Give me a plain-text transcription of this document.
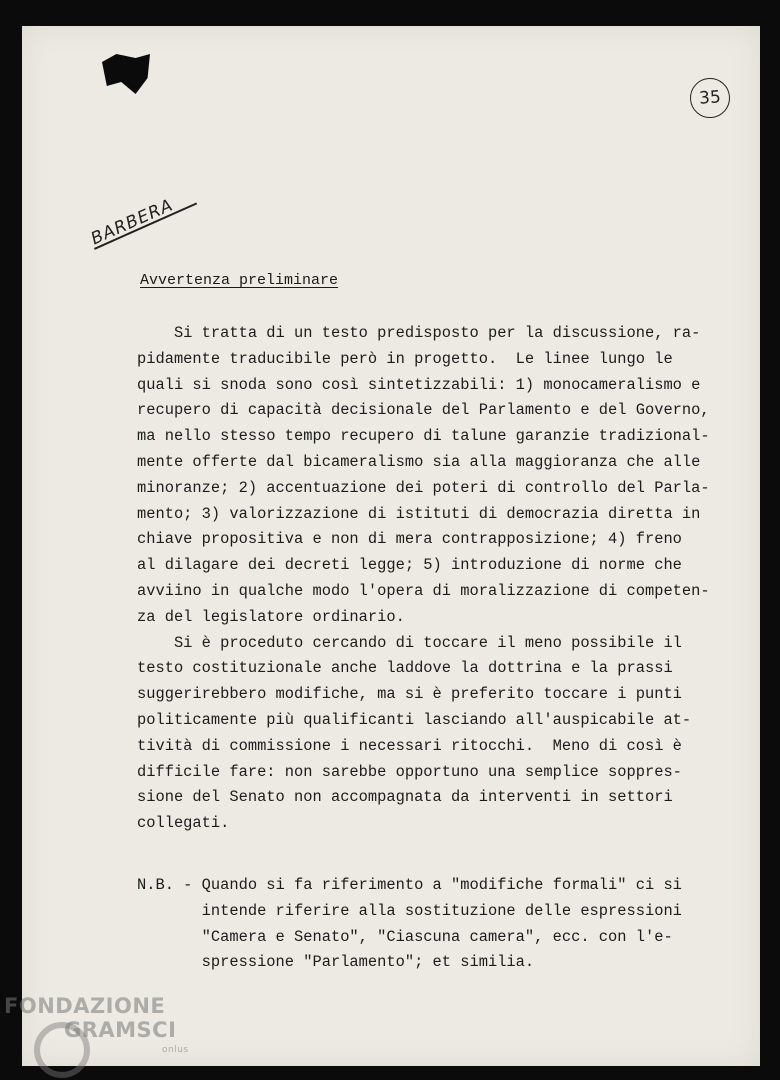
35
BARBERA
Avvertenza preliminare
Si tratta di un testo predisposto per la discussione, ra-
pidamente traducibile però in progetto.  Le linee lungo le
quali si snoda sono così sintetizzabili: 1) monocameralismo e
recupero di capacità decisionale del Parlamento e del Governo,
ma nello stesso tempo recupero di talune garanzie tradizional-
mente offerte dal bicameralismo sia alla maggioranza che alle
minoranze; 2) accentuazione dei poteri di controllo del Parla-
mento; 3) valorizzazione di istituti di democrazia diretta in
chiave propositiva e non di mera contrapposizione; 4) freno
al dilagare dei decreti legge; 5) introduzione di norme che
avviino in qualche modo l'opera di moralizzazione di competen-
za del legislatore ordinario.
Si è proceduto cercando di toccare il meno possibile il
testo costituzionale anche laddove la dottrina e la prassi
suggerirebbero modifiche, ma si è preferito toccare i punti
politicamente più qualificanti lasciando all'auspicabile at-
tività di commissione i necessari ritocchi.  Meno di così è
difficile fare: non sarebbe opportuno una semplice soppres-
sione del Senato non accompagnata da interventi in settori
collegati.
N.B. - Quando si fa riferimento a "modifiche formali" ci si
intende riferire alla sostituzione delle espressioni
"Camera e Senato", "Ciascuna camera", ecc. con l'e-
spressione "Parlamento"; et similia.
FONDAZIONE
GRAMSCI
onlus
